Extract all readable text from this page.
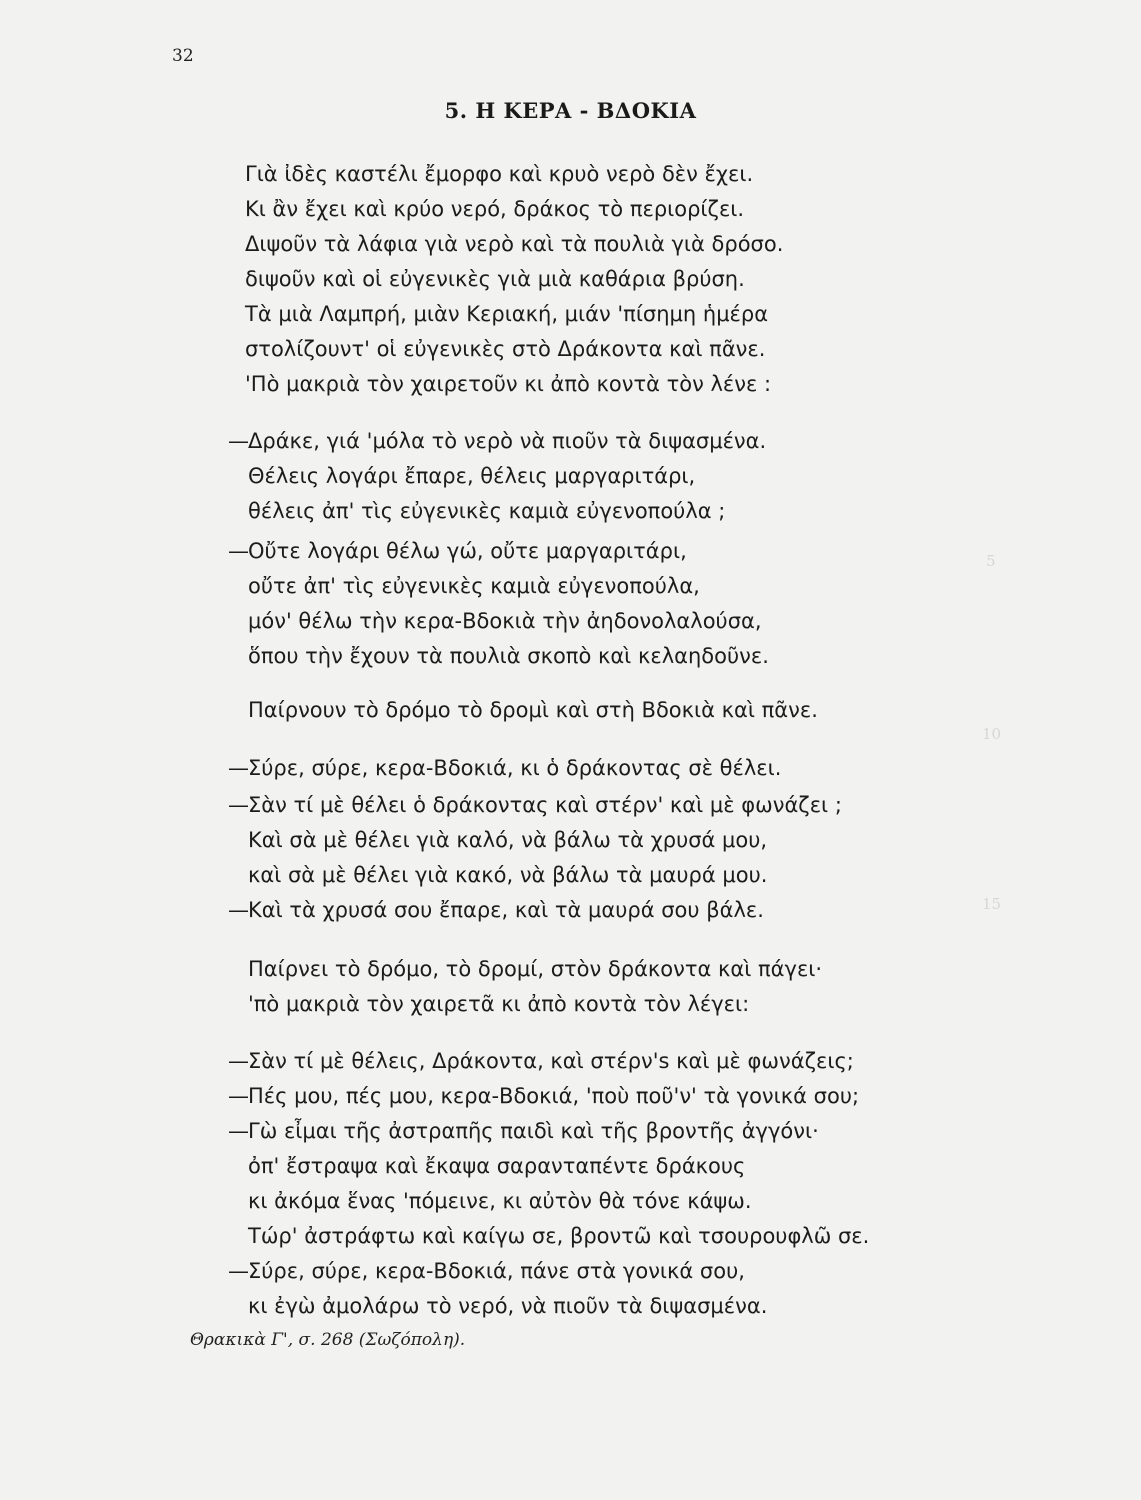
32
10
15
5
5. Η ΚΕΡΑ - ΒΔΟΚΙΑ
Γιὰ ἰδὲς καστέλι ἔμορφο καὶ κρυὸ νερὸ δὲν ἔχει.
Κι ἂν ἔχει καὶ κρύο νερό, δράκος τὸ περιορίζει.
Διψοῦν τὰ λάφια γιὰ νερὸ καὶ τὰ πουλιὰ γιὰ δρόσο.
διψοῦν καὶ οἱ εὐγενικὲς γιὰ μιὰ καθάρια βρύση.
Τὰ μιὰ Λαμπρή, μιὰν Κεριακή, μιάν 'πίσημη ἡμέρα
στολίζουντ' οἱ εὐγενικὲς στὸ Δράκοντα καὶ πᾶνε.
'Πὸ μακριὰ τὸν χαιρετοῦν κι ἀπὸ κοντὰ τὸν λένε :
— Δράκε, γιά 'μόλα τὸ νερὸ νὰ πιοῦν τὰ διψασμένα.
Θέλεις λογάρι ἔπαρε, θέλεις μαργαριτάρι,
θέλεις ἀπ' τὶς εὐγενικὲς καμιὰ εὐγενοπούλα ;
— Οὔτε λογάρι θέλω γώ, οὔτε μαργαριτάρι,
οὔτε ἀπ' τὶς εὐγενικὲς καμιὰ εὐγενοπούλα,
μόν' θέλω τὴν κερα-Βδοκιὰ τὴν ἀηδονολαλούσα,
ὅπου τὴν ἔχουν τὰ πουλιὰ σκοπὸ καὶ κελαηδοῦνε.
Παίρνουν τὸ δρόμο τὸ δρομὶ καὶ στὴ Βδοκιὰ καὶ πᾶνε.
— Σύρε, σύρε, κερα-Βδοκιά, κι ὁ δράκοντας σὲ θέλει.
— Σὰν τί μὲ θέλει ὁ δράκοντας καὶ στέρν' καὶ μὲ φωνάζει ;
Καὶ σὰ μὲ θέλει γιὰ καλό, νὰ βάλω τὰ χρυσά μου,
καὶ σὰ μὲ θέλει γιὰ κακό, νὰ βάλω τὰ μαυρά μου.
— Καὶ τὰ χρυσά σου ἔπαρε, καὶ τὰ μαυρά σου βάλε.
Παίρνει τὸ δρόμο, τὸ δρομί, στὸν δράκοντα καὶ πάγει·
'πὸ μακριὰ τὸν χαιρετᾶ κι ἀπὸ κοντὰ τὸν λέγει:
— Σὰν τί μὲ θέλεις, Δράκοντα, καὶ στέρν's καὶ μὲ φωνάζεις;
— Πές μου, πές μου, κερα-Βδοκιά, 'ποὺ ποῦ'ν' τὰ γονικά σου;
— Γὼ εἶμαι τῆς ἀστραπῆς παιδὶ καὶ τῆς βροντῆς ἀγγόνι·
ὀπ' ἔστραψα καὶ ἔκαψα σαρανταπέντε δράκους
κι ἀκόμα ἕνας 'πόμεινε, κι αὐτὸν θὰ τόνε κάψω.
Τώρ' ἀστράφτω καὶ καίγω σε, βροντῶ καὶ τσουρουφλῶ σε.
— Σύρε, σύρε, κερα-Βδοκιά, πάνε στὰ γονικά σου,
κι ἐγὼ ἀμολάρω τὸ νερό, νὰ πιοῦν τὰ διψασμένα.
Θρακικὰ Γ', σ. 268 (Σωζόπολη).
